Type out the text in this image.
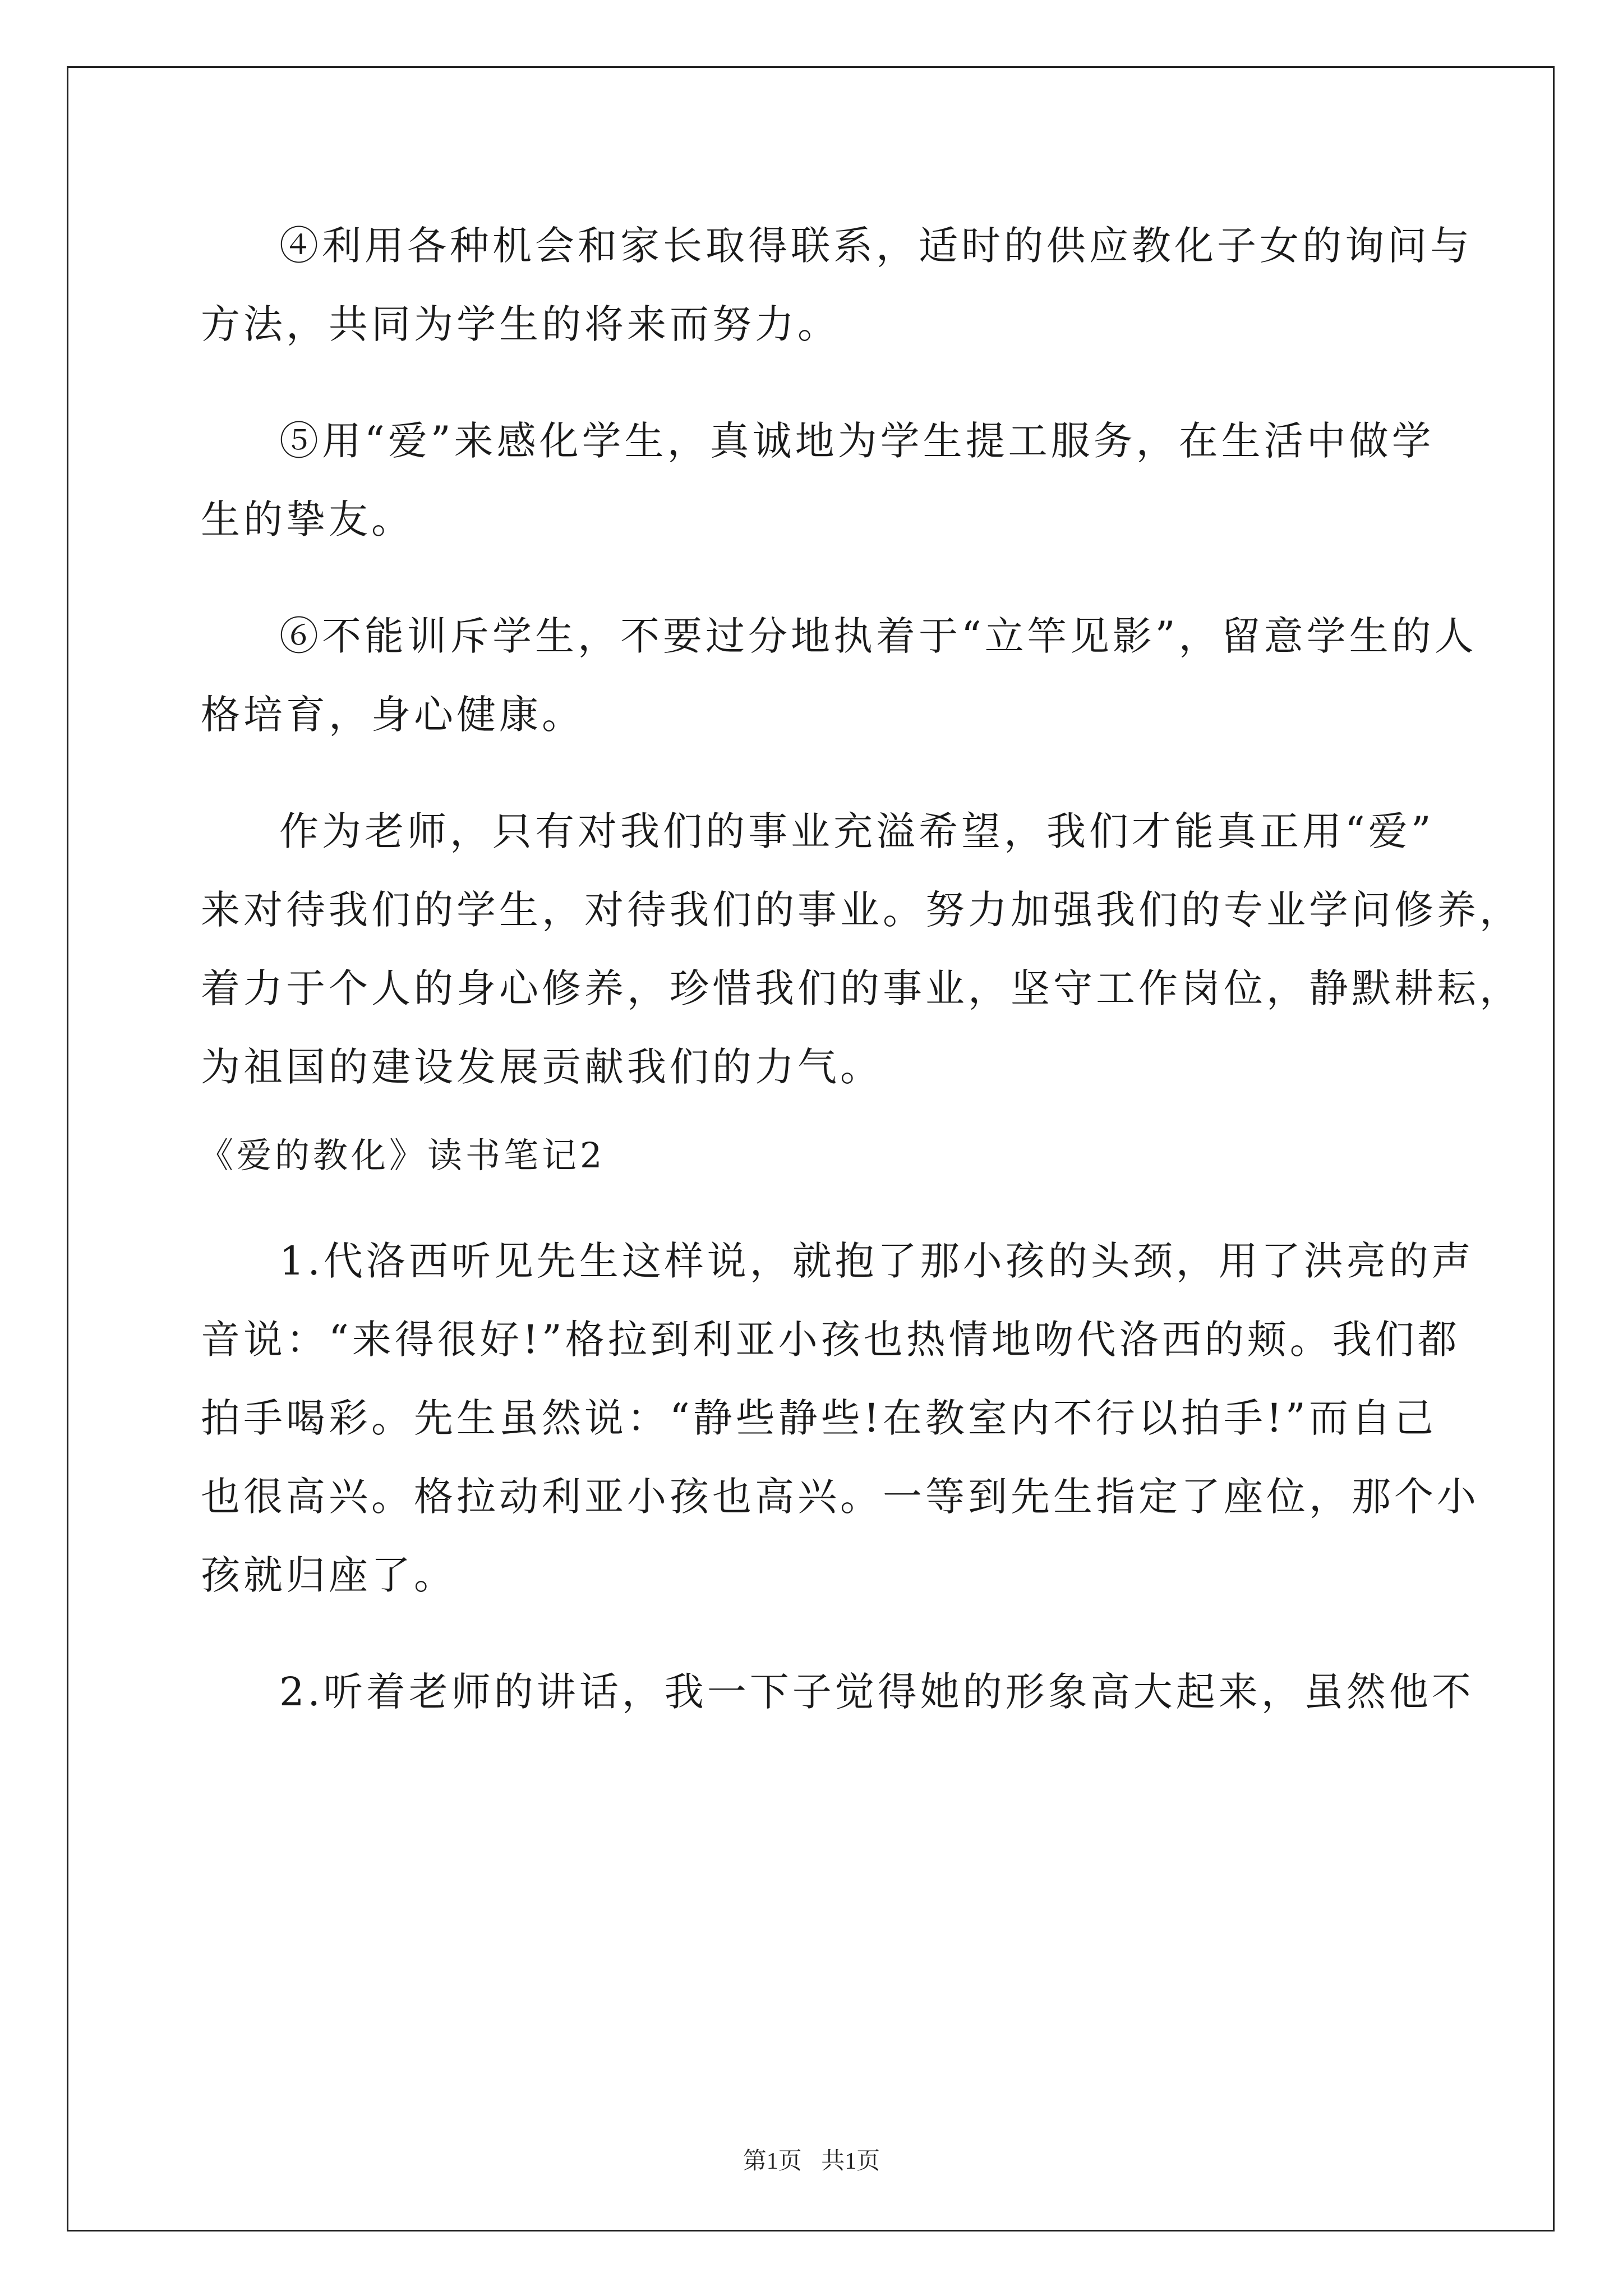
④利用各种机会和家长取得联系，适时的供应教化子女的询问与
方法，共同为学生的将来而努力。
⑤用“爱”来感化学生，真诚地为学生提工服务，在生活中做学
生的挚友。
⑥不能训斥学生，不要过分地执着于“立竿见影”，留意学生的人
格培育，身心健康。
作为老师，只有对我们的事业充溢希望，我们才能真正用“爱”
来对待我们的学生，对待我们的事业。努力加强我们的专业学问修养，
着力于个人的身心修养，珍惜我们的事业，坚守工作岗位，静默耕耘，
为祖国的建设发展贡献我们的力气。
《爱的教化》读书笔记2
1.代洛西听见先生这样说，就抱了那小孩的头颈，用了洪亮的声
音说：“来得很好!”格拉到利亚小孩也热情地吻代洛西的颊。我们都
拍手喝彩。先生虽然说：“静些静些!在教室内不行以拍手!”而自己
也很高兴。格拉动利亚小孩也高兴。一等到先生指定了座位，那个小
孩就归座了。
2.听着老师的讲话，我一下子觉得她的形象高大起来，虽然他不
第1页 共1页
